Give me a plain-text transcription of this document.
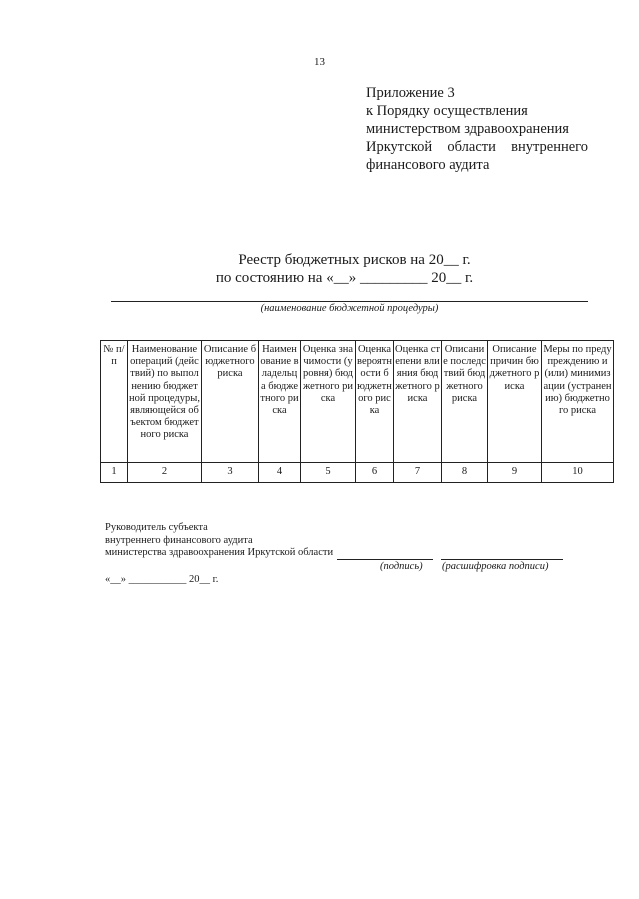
13
Приложение 3
к Порядку осуществления
министерством здравоохранения
Иркутской области внутреннего
финансового аудита
Реестр бюджетных рисков на 20__ г.
по состоянию на «__» _________ 20__ г.
(наименование бюджетной процедуры)
№ п/п	Наименование операций (действий) по выполнению бюджетной процедуры, являющейся объектом бюджетного риска	Описание бюджетного риска	Наименование владельца бюджетного риска	Оценка значимости (уровня) бюджетного риска	Оценка вероятности бюджетного риска	Оценка степени влияния бюджетного риска	Описание последствий бюджетного риска	Описание причин бюджетного риска	Меры по предупреждению и (или) минимизации (устранению) бюджетного риска
1	2	3	4	5	6	7	8	9	10
Руководитель субъекта
внутреннего финансового аудита
министерства здравоохранения Иркутской области
(подпись) (расшифровка подписи)
«__» ___________ 20__ г.
